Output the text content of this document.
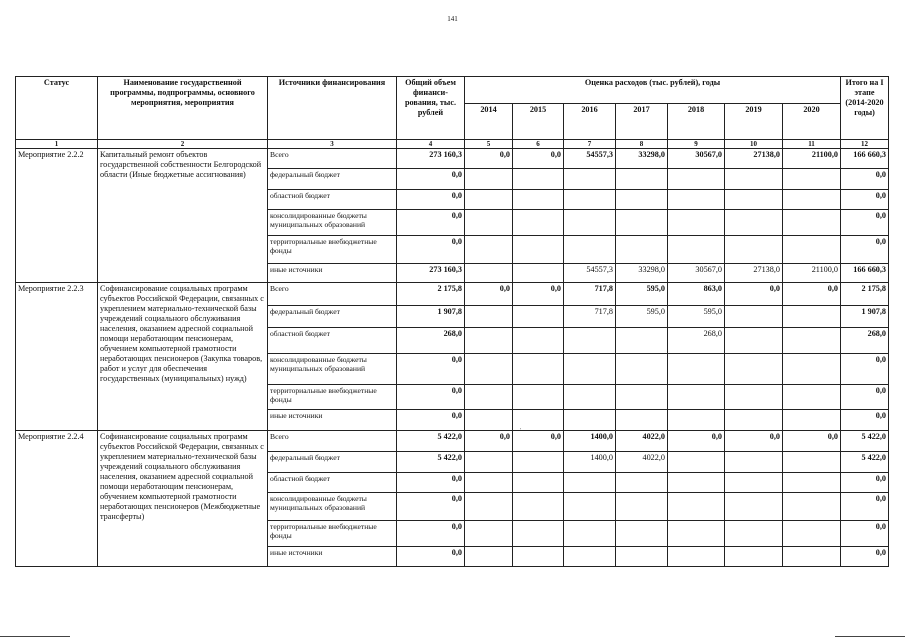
141
Статус	Наименование государственной программы, подпрограммы, основного мероприятия, мероприятия	Источники финансирования	Общий объем финанси-рования, тыс. рублей	Оценка расходов (тыс. рублей), годы							Итого на I этапе (2014-2020 годы)
				2014	2015	2016	2017	2018	2019	2020	
1	2	3	4	5	6	7	8	9	10	11	12
Мероприятие 2.2.2	Капитальный ремонт объектов государственной собственности Белгородской области (Иные бюджетные ассигнования)	Всего	273 160,3	0,0	0,0	54557,3	33298,0	30567,0	27138,0	21100,0	166 660,3
		федеральный бюджет	0,0								0,0
		областной бюджет	0,0								0,0
		консолидированные бюджеты муниципальных образований	0,0								0,0
		территориальные внебюджетные фонды	0,0								0,0
		иные источники	273 160,3			54557,3	33298,0	30567,0	27138,0	21100,0	166 660,3
Мероприятие 2.2.3	Софинансирование социальных программ субъектов Российской Федерации, связанных с укреплением материально-технической базы учреждений социального обслуживания населения, оказанием адресной социальной помощи неработающим пенсионерам, обучением компьютерной грамотности неработающих пенсионеров (Закупка товаров, работ и услуг для обеспечения государственных (муниципальных) нужд)	Всего	2 175,8	0,0	0,0	717,8	595,0	863,0	0,0	0,0	2 175,8
		федеральный бюджет	1 907,8			717,8	595,0	595,0			1 907,8
		областной бюджет	268,0					268,0			268,0
		консолидированные бюджеты муниципальных образований	0,0								0,0
		территориальные внебюджетные фонды	0,0								0,0
		иные источники	0,0								0,0
Мероприятие 2.2.4	Софинансирование социальных программ субъектов Российской Федерации, связанных с укреплением материально-технической базы учреждений социального обслуживания населения, оказанием адресной социальной помощи неработающим пенсионерам, обучением компьютерной грамотности неработающих пенсионеров (Межбюджетные трансферты)	Всего	5 422,0	0,0	0,0	1400,0	4022,0	0,0	0,0	0,0	5 422,0
		федеральный бюджет	5 422,0			1400,0	4022,0				5 422,0
		областной бюджет	0,0								0,0
		консолидированные бюджеты муниципальных образований	0,0								0,0
		территориальные внебюджетные фонды	0,0								0,0
		иные источники	0,0								0,0
'
